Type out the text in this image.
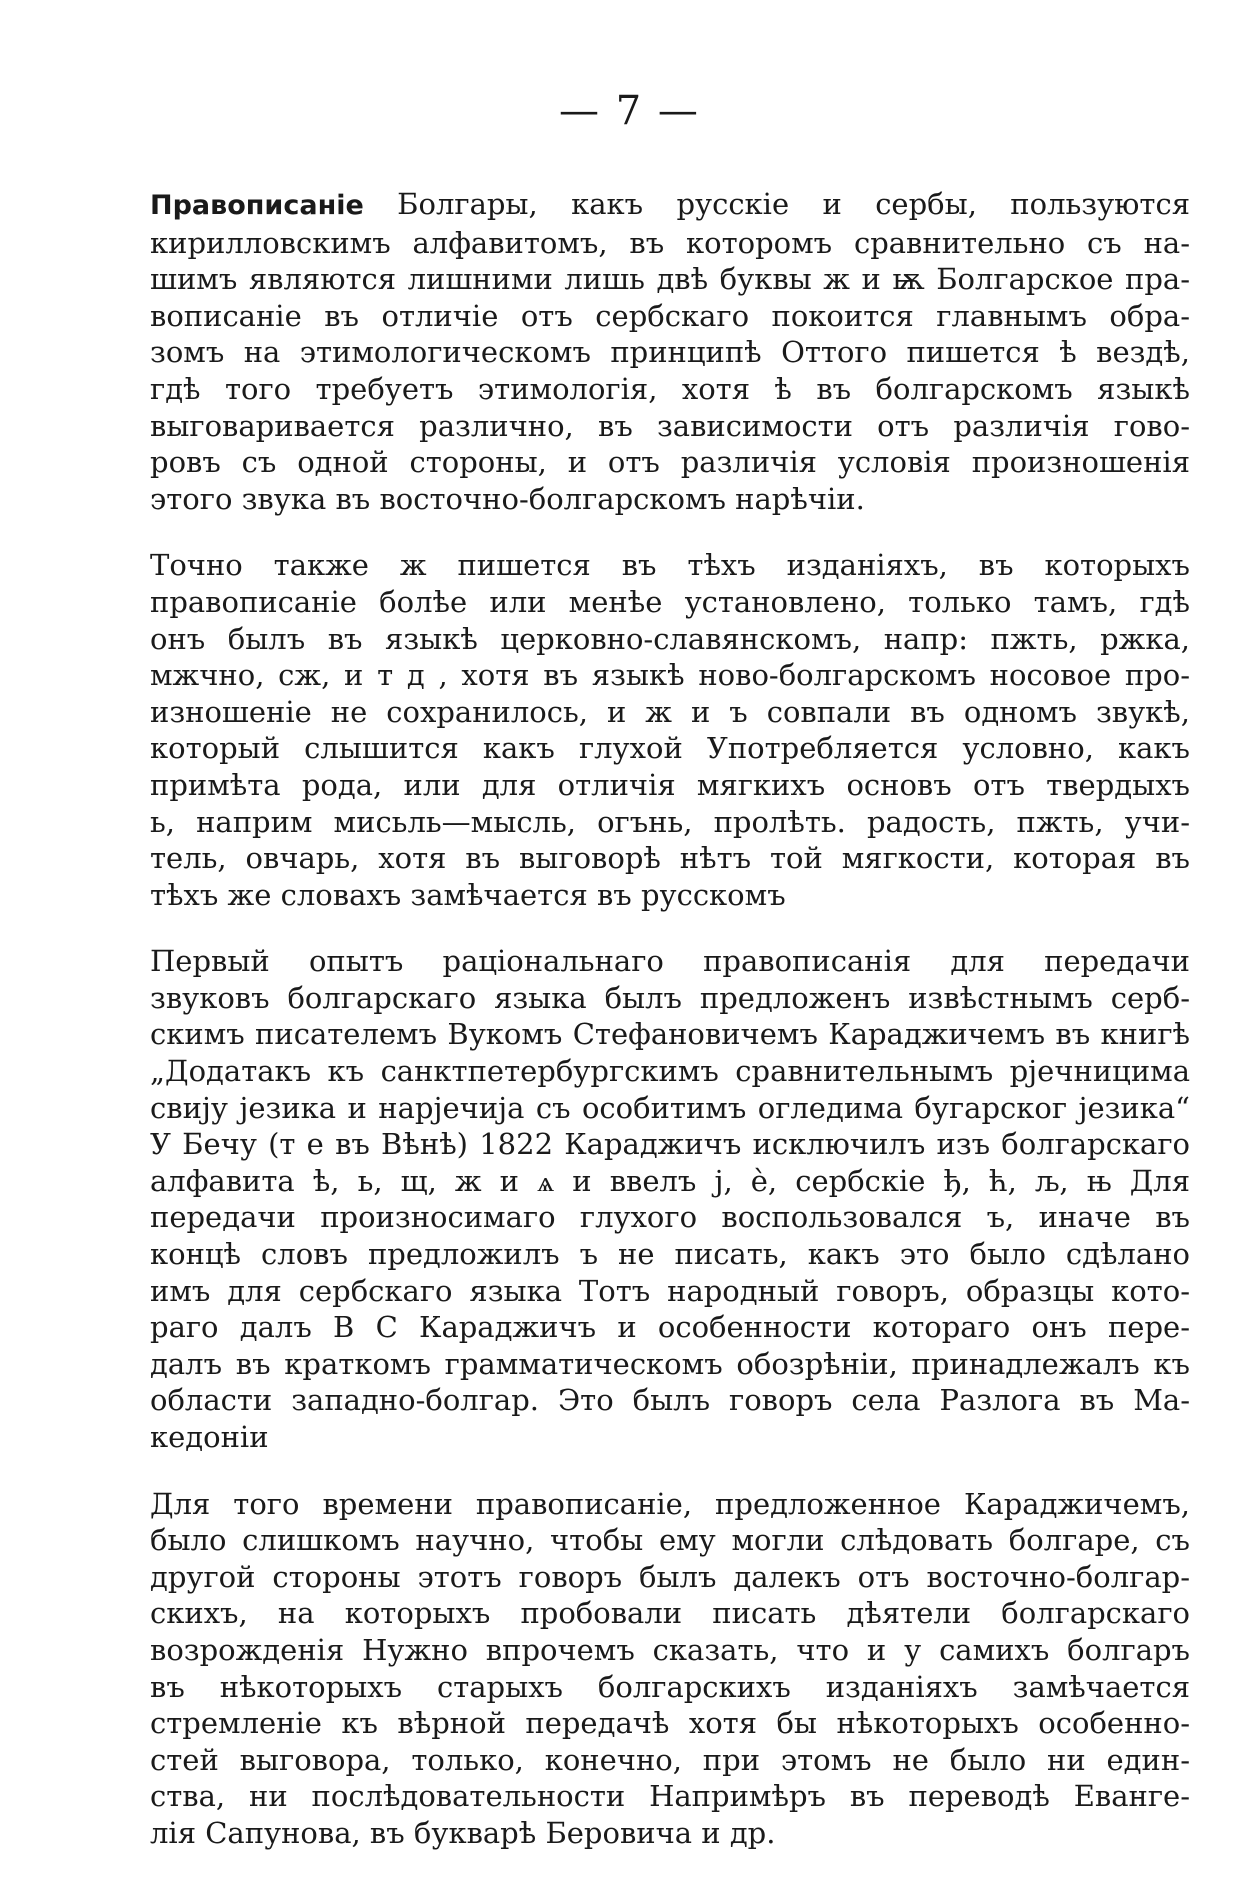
— 7 —

Правописаніе Болгары, какъ русскіе и сербы, пользуются
кирилловскимъ алфавитомъ, въ которомъ сравнительно съ на-
шимъ являются лишними лишь двѣ буквы ж и ѭ Болгарское пра-
вописаніе въ отличіе отъ сербскаго покоится главнымъ обра-
зомъ на этимологическомъ принципѣ Оттого пишется ѣ вездѣ,
гдѣ того требуетъ этимологія, хотя ѣ въ болгарскомъ языкѣ
выговаривается различно, въ зависимости отъ различія гово-
ровъ съ одной стороны, и отъ различія условія произношенія
этого звука въ восточно-болгарскомъ нарѣчіи.

Точно также ж пишется въ тѣхъ изданіяхъ, въ которыхъ
правописаніе болѣе или менѣе установлено, только тамъ, гдѣ
онъ былъ въ языкѣ церковно-славянскомъ, напр: пжть, ржка,
мжчно, сж, и т д , хотя въ языкѣ ново-болгарскомъ носовое про-
изношеніе не сохранилось, и ж и ъ совпали въ одномъ звукѣ,
который слышится какъ глухой Употребляется условно, какъ
примѣта рода, или для отличія мягкихъ основъ отъ твердыхъ
ь, наприм мисьль—мысль, огънь, пролѣть. радость, пжть, учи-
тель, овчарь, хотя въ выговорѣ нѣтъ той мягкости, которая въ
тѣхъ же словахъ замѣчается въ русскомъ

Первый опытъ раціональнаго правописанія для передачи
звуковъ болгарскаго языка былъ предложенъ извѣстнымъ серб-
скимъ писателемъ Вукомъ Стефановичемъ Караджичемъ въ книгѣ
„Додатакъ къ санктпетербургскимъ сравнительнымъ рјечницима
свију језика и нарјечија съ особитимъ огледима бугарског језика“
У Бечу (т е въ Вѣнѣ) 1822 Караджичъ исключилъ изъ болгарскаго
алфавита ѣ, ь, щ, ж и ѧ и ввелъ ј, ѐ, сербскіе ђ, ћ, љ, њ Для
передачи произносимаго глухого воспользовался ъ, иначе въ
концѣ словъ предложилъ ъ не писать, какъ это было сдѣлано
имъ для сербскаго языка Тотъ народный говоръ, образцы кото-
раго далъ В С Караджичъ и особенности котораго онъ пере-
далъ въ краткомъ грамматическомъ обозрѣніи, принадлежалъ къ
области западно-болгар. Это былъ говоръ села Разлога въ Ма-
кедоніи

Для того времени правописаніе, предложенное Караджичемъ,
было слишкомъ научно, чтобы ему могли слѣдовать болгаре, съ
другой стороны этотъ говоръ былъ далекъ отъ восточно-болгар-
скихъ, на которыхъ пробовали писать дѣятели болгарскаго
возрожденія Нужно впрочемъ сказать, что и у самихъ болгаръ
въ нѣкоторыхъ старыхъ болгарскихъ изданіяхъ замѣчается
стремленіе къ вѣрной передачѣ хотя бы нѣкоторыхъ особенно-
стей выговора, только, конечно, при этомъ не было ни един-
ства, ни послѣдовательности Напримѣръ въ переводѣ Еванге-
лія Сапунова, въ букварѣ Беровича и др.
